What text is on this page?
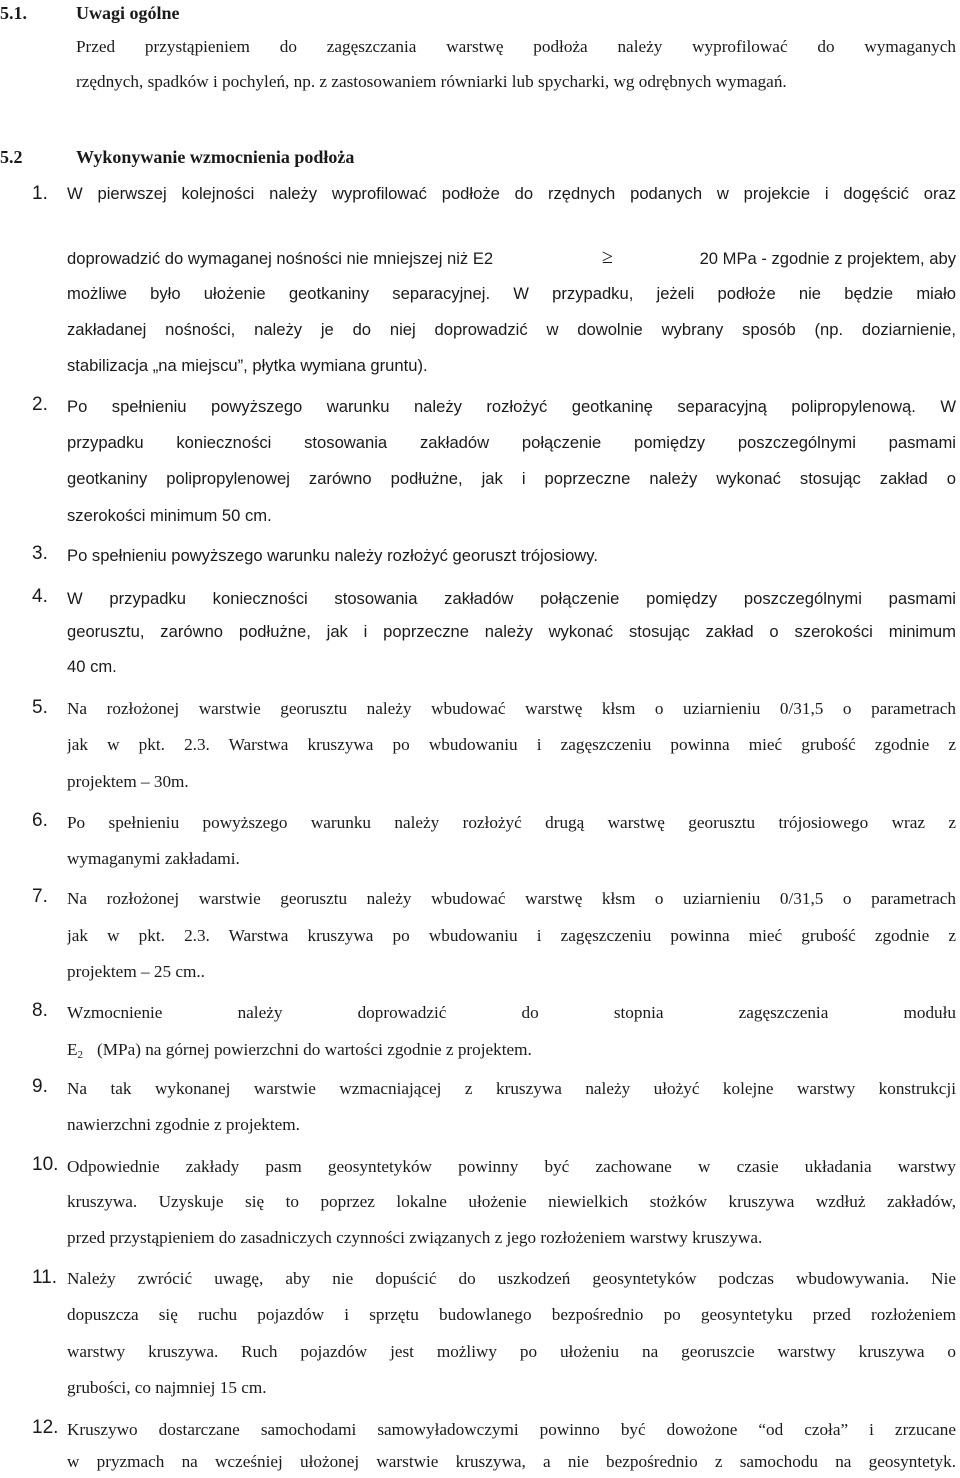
5.1.	Uwagi ogólne
Przed przystąpieniem do zagęszczania warstwę podłoża należy wyprofilować do wymaganych
rzędnych, spadków i pochyleń, np. z zastosowaniem równiarki lub spycharki, wg odrębnych wymagań.
5.2	Wykonywanie wzmocnienia podłoża
1. W pierwszej kolejności należy wyprofilować podłoże do rzędnych podanych w projekcie i dogęścić oraz
doprowadzić do wymaganej nośności nie mniejszej niż E2	≥	20 MPa - zgodnie z projektem, aby
możliwe było ułożenie geotkaniny separacyjnej. W przypadku, jeżeli podłoże nie będzie miało
zakładanej nośności, należy je do niej doprowadzić w dowolnie wybrany sposób (np. doziarnienie,
stabilizacja „na miejscu”, płytka wymiana gruntu).
2. Po spełnieniu powyższego warunku należy rozłożyć geotkaninę separacyjną polipropylenową. W
przypadku konieczności stosowania zakładów połączenie pomiędzy poszczególnymi pasmami
geotkaniny polipropylenowej zarówno podłużne, jak i poprzeczne należy wykonać stosując zakład o
szerokości minimum 50 cm.
3. Po spełnieniu powyższego warunku należy rozłożyć georuszt trójosiowy.
4. W przypadku konieczności stosowania zakładów połączenie pomiędzy poszczególnymi pasmami
georusztu, zarówno podłużne, jak i poprzeczne należy wykonać stosując zakład o szerokości minimum
40 cm.
5. Na rozłożonej warstwie georusztu należy wbudować warstwę kłsm o uziarnieniu 0/31,5 o parametrach
jak w pkt. 2.3. Warstwa kruszywa po wbudowaniu i zagęszczeniu powinna mieć grubość zgodnie z
projektem – 30m.
6. Po spełnieniu powyższego warunku należy rozłożyć drugą warstwę georusztu trójosiowego wraz z
wymaganymi zakładami.
7. Na rozłożonej warstwie georusztu należy wbudować warstwę kłsm o uziarnieniu 0/31,5 o parametrach
jak w pkt. 2.3. Warstwa kruszywa po wbudowaniu i zagęszczeniu powinna mieć grubość zgodnie z
projektem – 25 cm..
8. Wzmocnienie należy doprowadzić do stopnia zagęszczenia modułu
$E_2$ (MPa) na górnej powierzchni do wartości zgodnie z projektem.
9. Na tak wykonanej warstwie wzmacniającej z kruszywa należy ułożyć kolejne warstwy konstrukcji
nawierzchni zgodnie z projektem.
10. Odpowiednie zakłady pasm geosyntetyków powinny być zachowane w czasie układania warstwy
kruszywa. Uzyskuje się to poprzez lokalne ułożenie niewielkich stożków kruszywa wzdłuż zakładów,
przed przystąpieniem do zasadniczych czynności związanych z jego rozłożeniem warstwy kruszywa.
11. Należy zwrócić uwagę, aby nie dopuścić do uszkodzeń geosyntetyków podczas wbudowywania. Nie
dopuszcza się ruchu pojazdów i sprzętu budowlanego bezpośrednio po geosyntetyku przed rozłożeniem
warstwy kruszywa. Ruch pojazdów jest możliwy po ułożeniu na georuszcie warstwy kruszywa o
grubości, co najmniej 15 cm.
12. Kruszywo dostarczane samochodami samowyładowczymi powinno być dowożone “od czoła” i zrzucane
w pryzmach na wcześniej ułożonej warstwie kruszywa, a nie bezpośrednio z samochodu na geosyntetyk.
